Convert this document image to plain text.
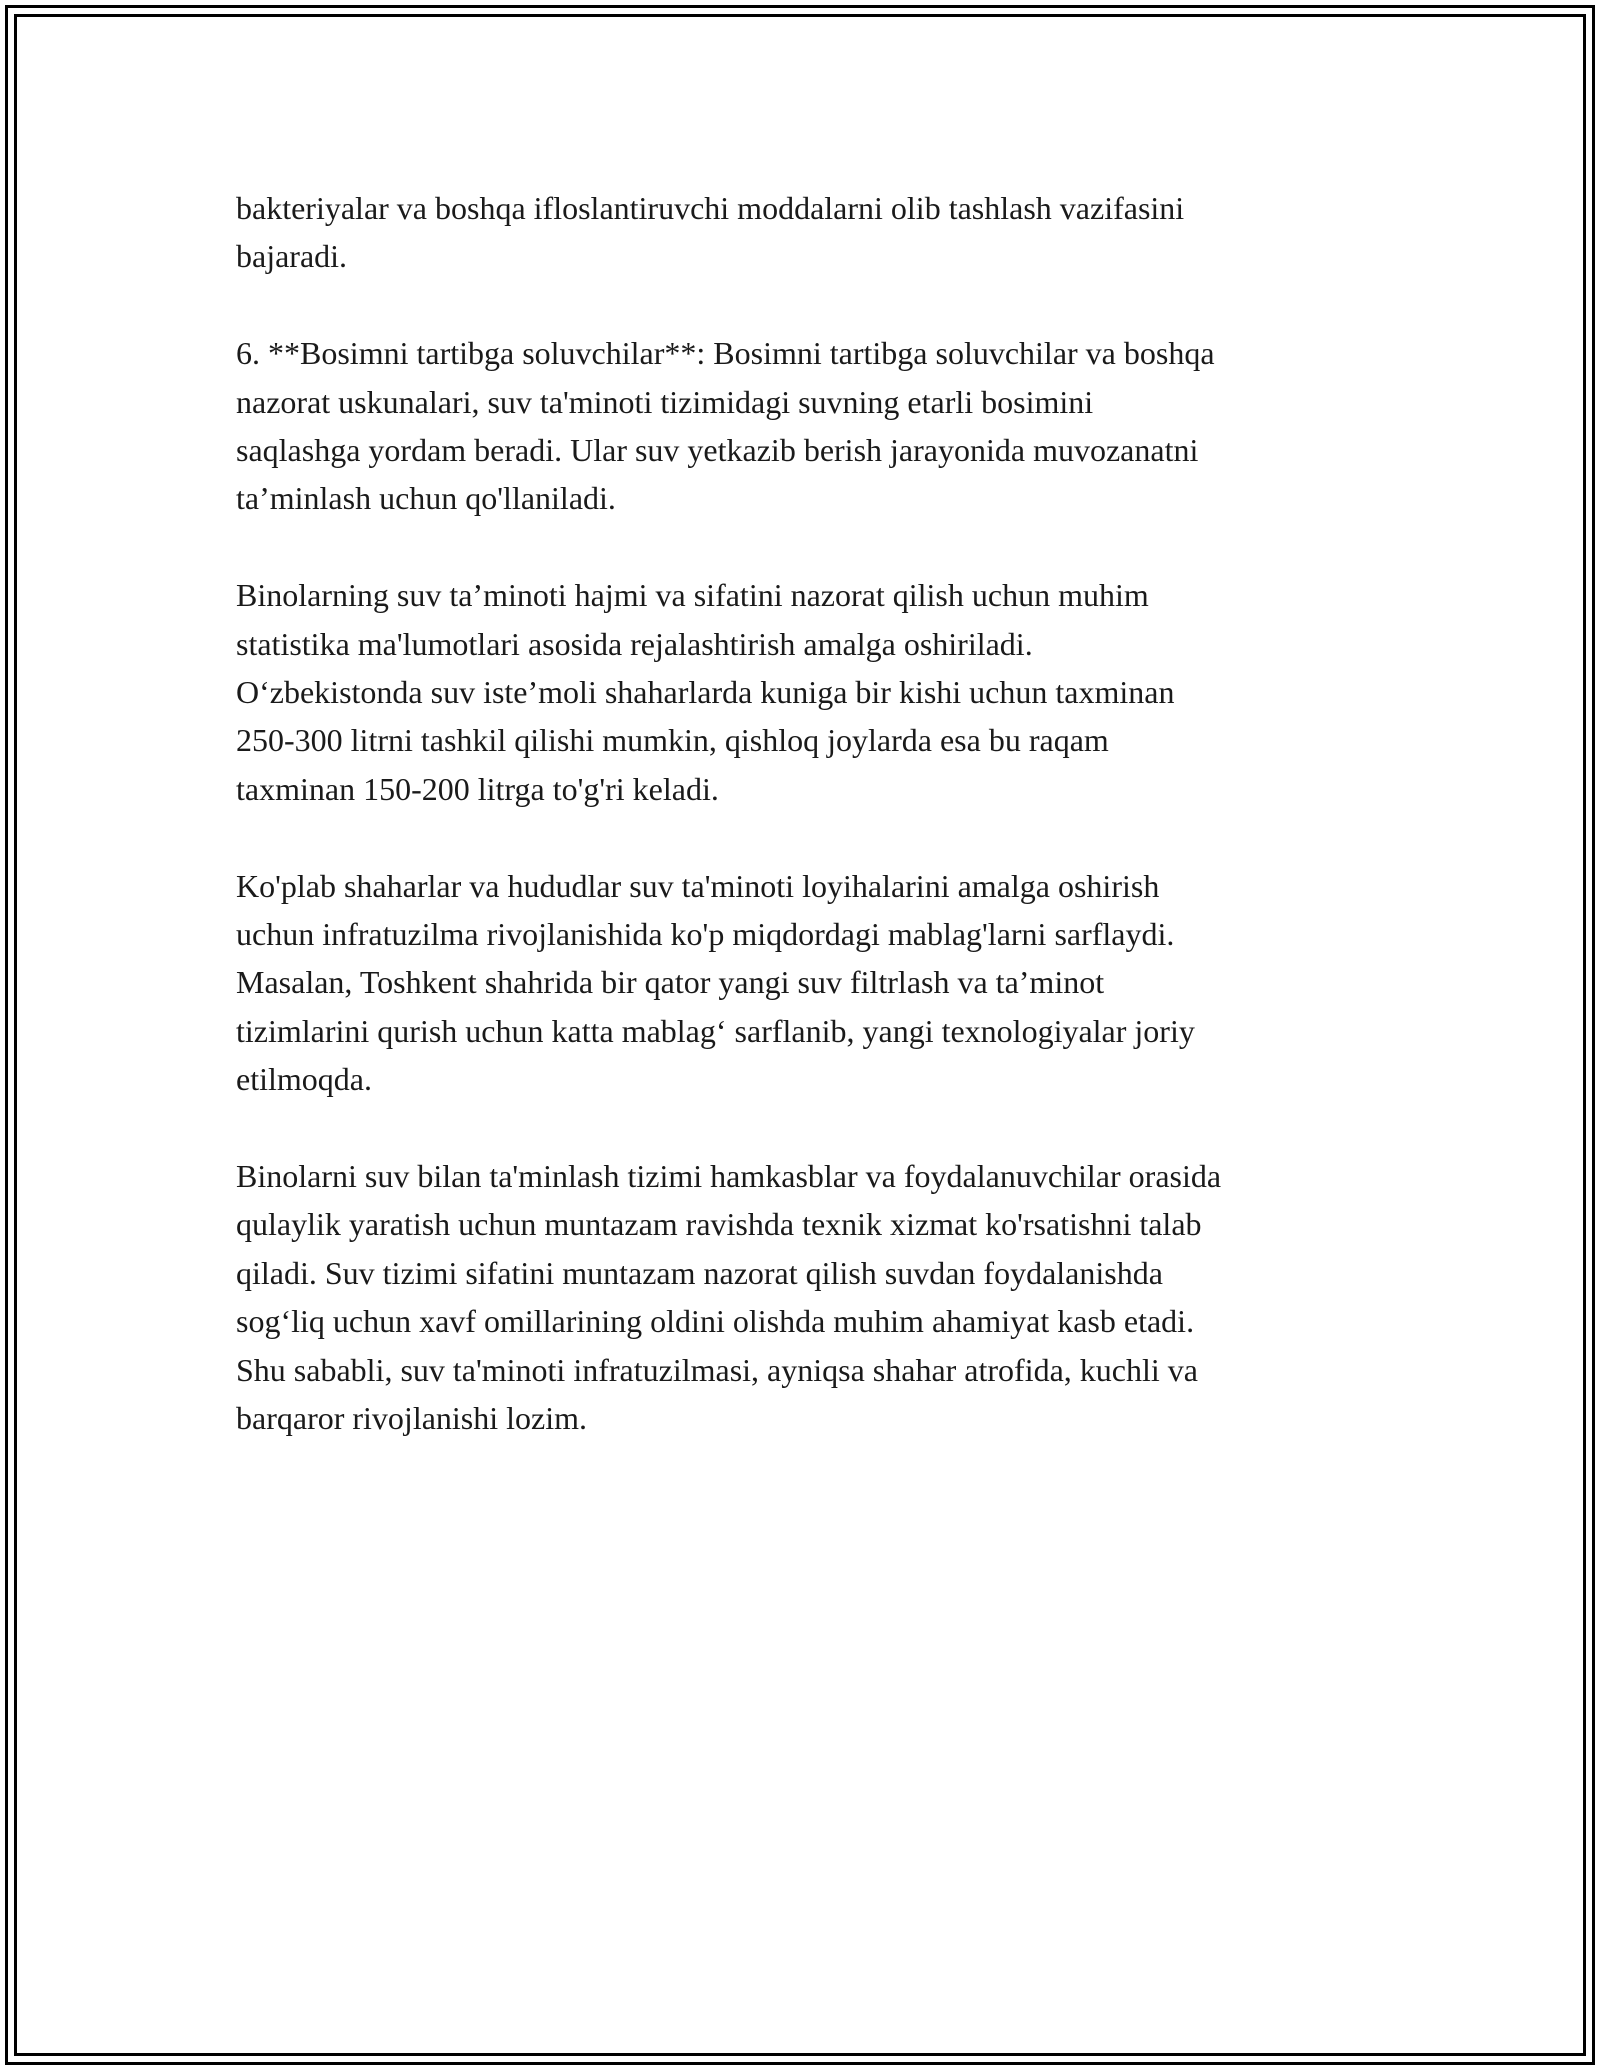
bakteriyalar va boshqa ifloslantiruvchi moddalarni olib tashlash vazifasini
bajaradi.

6. **Bosimni tartibga soluvchilar**: Bosimni tartibga soluvchilar va boshqa
nazorat uskunalari, suv ta'minoti tizimidagi suvning etarli bosimini
saqlashga yordam beradi. Ular suv yetkazib berish jarayonida muvozanatni
ta’minlash uchun qo'llaniladi.

Binolarning suv ta’minoti hajmi va sifatini nazorat qilish uchun muhim
statistika ma'lumotlari asosida rejalashtirish amalga oshiriladi.
O‘zbekistonda suv iste’moli shaharlarda kuniga bir kishi uchun taxminan
250-300 litrni tashkil qilishi mumkin, qishloq joylarda esa bu raqam
taxminan 150-200 litrga to'g'ri keladi.

Ko'plab shaharlar va hududlar suv ta'minoti loyihalarini amalga oshirish
uchun infratuzilma rivojlanishida ko'p miqdordagi mablag'larni sarflaydi.
Masalan, Toshkent shahrida bir qator yangi suv filtrlash va ta’minot
tizimlarini qurish uchun katta mablag‘ sarflanib, yangi texnologiyalar joriy
etilmoqda.

Binolarni suv bilan ta'minlash tizimi hamkasblar va foydalanuvchilar orasida
qulaylik yaratish uchun muntazam ravishda texnik xizmat ko'rsatishni talab
qiladi. Suv tizimi sifatini muntazam nazorat qilish suvdan foydalanishda
sog‘liq uchun xavf omillarining oldini olishda muhim ahamiyat kasb etadi.
Shu sababli, suv ta'minoti infratuzilmasi, ayniqsa shahar atrofida, kuchli va
barqaror rivojlanishi lozim.
